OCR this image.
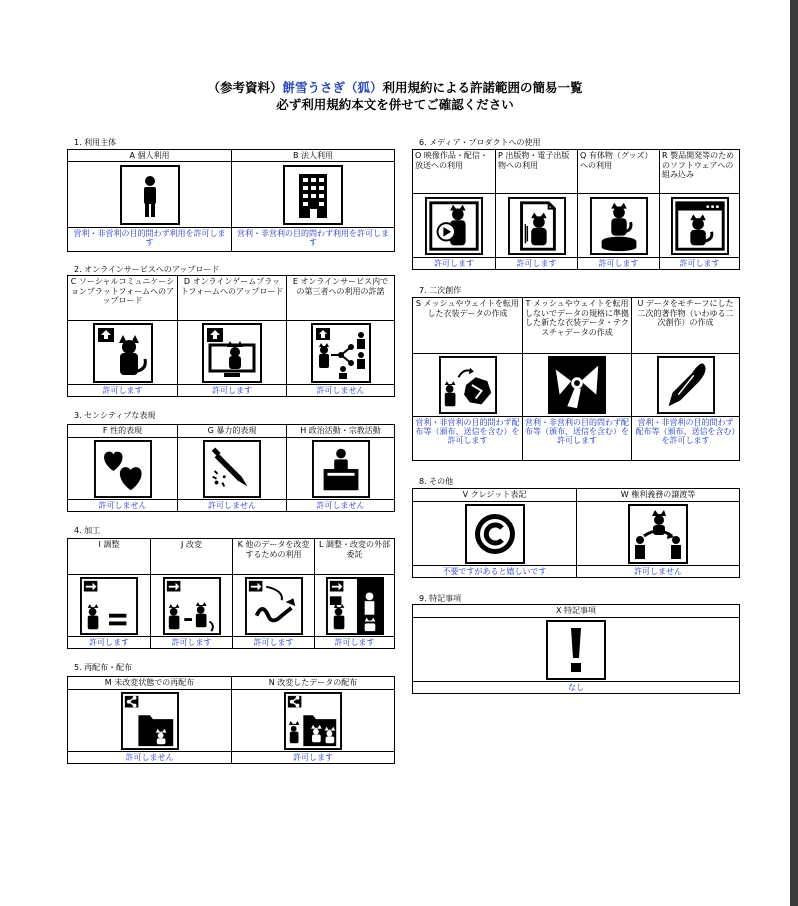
（参考資料）餅雪うさぎ（狐）利用規約による許諾範囲の簡易一覧
必ず利用規約本文を併せてご確認ください
1. 利用主体
A 個人利用
営利・非営利の目的問わず利用を許可します
B 法人利用
営利・非営利の目的問わず利用を許可します
2. オンラインサービスへのアップロード
C ソーシャルコミュニケーションプラットフォームへのアップロード
許可します
D オンラインゲームプラットフォームへのアップロード
許可します
E オンラインサービス内での第三者への利用の許諾
許可しません
3. センシティブな表現
F 性的表現
許可しません
G 暴力的表現
許可しません
H 政治活動・宗教活動
許可しません
4. 加工
I 調整
許可します
J 改変
許可します
K 他のデータを改変するための利用
許可します
L 調整・改変の外部委託
許可します
5. 再配布・配布
M 未改変状態での再配布
許可しません
N 改変したデータの配布
許可します
6. メディア・プロダクトへの使用
O 映像作品・配信・放送への利用
許可します
P 出版物・電子出版物への利用
許可します
Q 有体物（グッズ）への利用
許可します
R 製品開発等のためのソフトウェアへの組み込み
許可します
7. 二次創作
S メッシュやウェイトを転用した衣装データの作成
営利・非営利の目的問わず配布等（頒布、送信を含む）を許可します
T メッシュやウェイトを転用しないでデータの規格に準拠した新たな衣装データ・テクスチャデータの作成
営利・非営利の目的問わず配布等（頒布、送信を含む）を許可します
U データをモチーフにした二次的著作物（いわゆる二次創作）の作成
営利・非営利の目的問わず配布等（頒布、送信を含む）を許可します
8. その他
V クレジット表記
不要ですがあると嬉しいです
W 権利義務の譲渡等
許可しません
9. 特記事項
X 特記事項
なし
